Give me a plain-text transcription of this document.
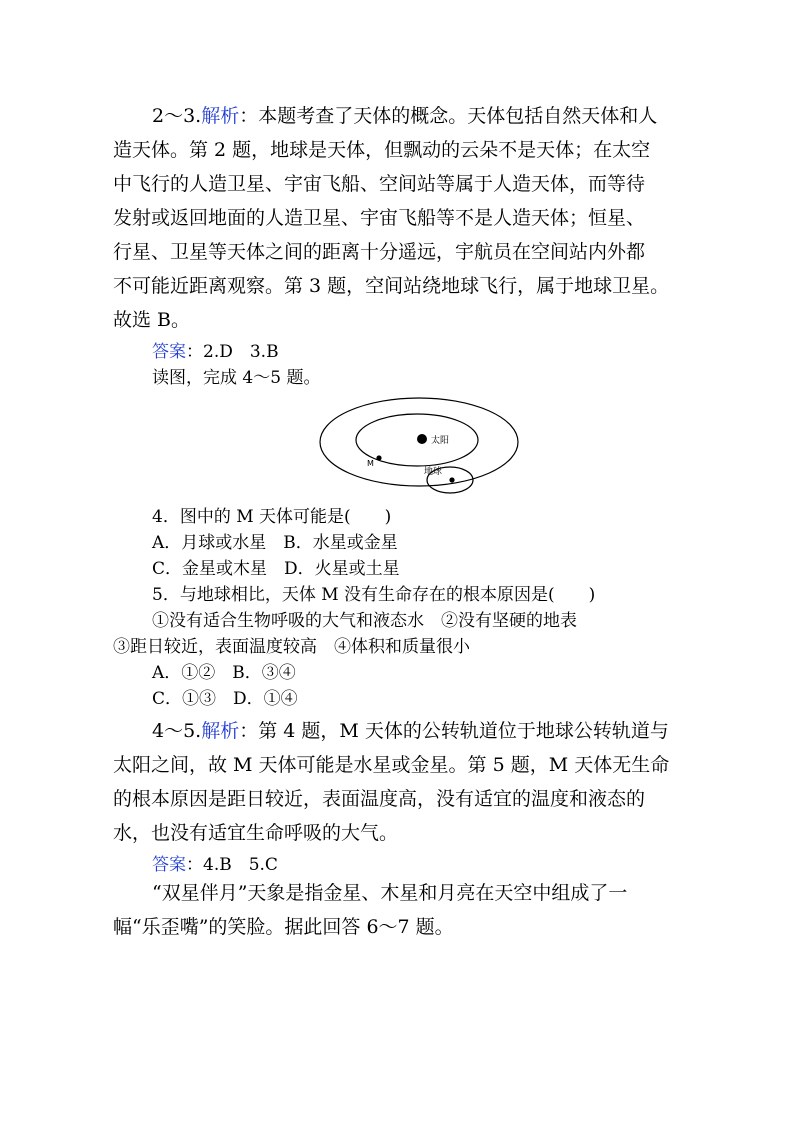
2～3.解析：本题考查了天体的概念。天体包括自然天体和人
造天体。第 2 题，地球是天体，但飘动的云朵不是天体；在太空
中飞行的人造卫星、宇宙飞船、空间站等属于人造天体，而等待
发射或返回地面的人造卫星、宇宙飞船等不是人造天体；恒星、
行星、卫星等天体之间的距离十分遥远，宇航员在空间站内外都
不可能近距离观察。第 3 题，空间站绕地球飞行，属于地球卫星。
故选 B。
答案：2.D　3.B
读图，完成 4～5 题。
太阳
M
地球
4．图中的 M 天体可能是(　　)
A．月球或水星　B．水星或金星
C．金星或木星　D．火星或土星
5．与地球相比，天体 M 没有生命存在的根本原因是(　　)
①没有适合生物呼吸的大气和液态水　②没有坚硬的地表
③距日较近，表面温度较高　④体积和质量很小
A．①②　B．③④
C．①③　D．①④
4～5.解析：第 4 题，M 天体的公转轨道位于地球公转轨道与
太阳之间，故 M 天体可能是水星或金星。第 5 题，M 天体无生命
的根本原因是距日较近，表面温度高，没有适宜的温度和液态的
水，也没有适宜生命呼吸的大气。
答案：4.B　5.C
“双星伴月”天象是指金星、木星和月亮在天空中组成了一
幅“乐歪嘴”的笑脸。据此回答 6～7 题。
